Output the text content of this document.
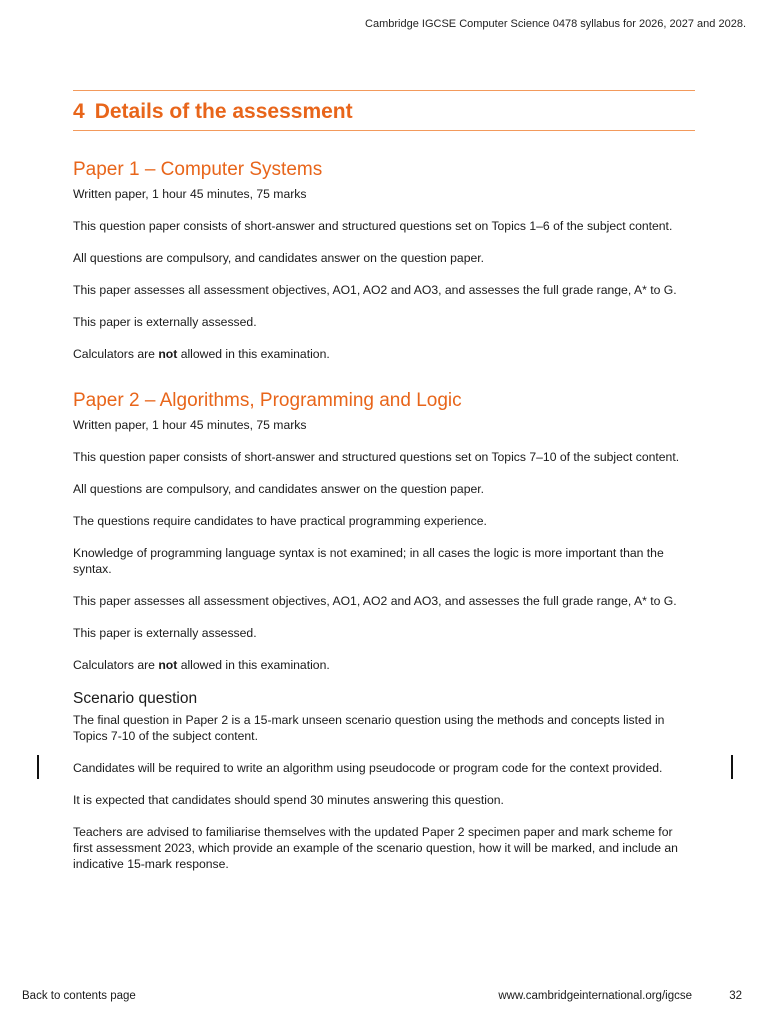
Cambridge IGCSE Computer Science 0478 syllabus for 2026, 2027 and 2028.
4 Details of the assessment
Paper 1 – Computer Systems

Written paper, 1 hour 45 minutes, 75 marks

This question paper consists of short-answer and structured questions set on Topics 1–6 of the subject content.

All questions are compulsory, and candidates answer on the question paper.

This paper assesses all assessment objectives, AO1, AO2 and AO3, and assesses the full grade range, A* to G.

This paper is externally assessed.

Calculators are not allowed in this examination.

Paper 2 – Algorithms, Programming and Logic

Written paper, 1 hour 45 minutes, 75 marks

This question paper consists of short-answer and structured questions set on Topics 7–10 of the subject content.

All questions are compulsory, and candidates answer on the question paper.

The questions require candidates to have practical programming experience.

Knowledge of programming language syntax is not examined; in all cases the logic is more important than the syntax.

This paper assesses all assessment objectives, AO1, AO2 and AO3, and assesses the full grade range, A* to G.

This paper is externally assessed.

Calculators are not allowed in this examination.

Scenario question

The final question in Paper 2 is a 15-mark unseen scenario question using the methods and concepts listed in Topics 7-10 of the subject content.

Candidates will be required to write an algorithm using pseudocode or program code for the context provided.

It is expected that candidates should spend 30 minutes answering this question.

Teachers are advised to familiarise themselves with the updated Paper 2 specimen paper and mark scheme for first assessment 2023, which provide an example of the scenario question, how it will be marked, and include an indicative 15-mark response.

Back to contents page	www.cambridgeinternational.org/igcse	32
